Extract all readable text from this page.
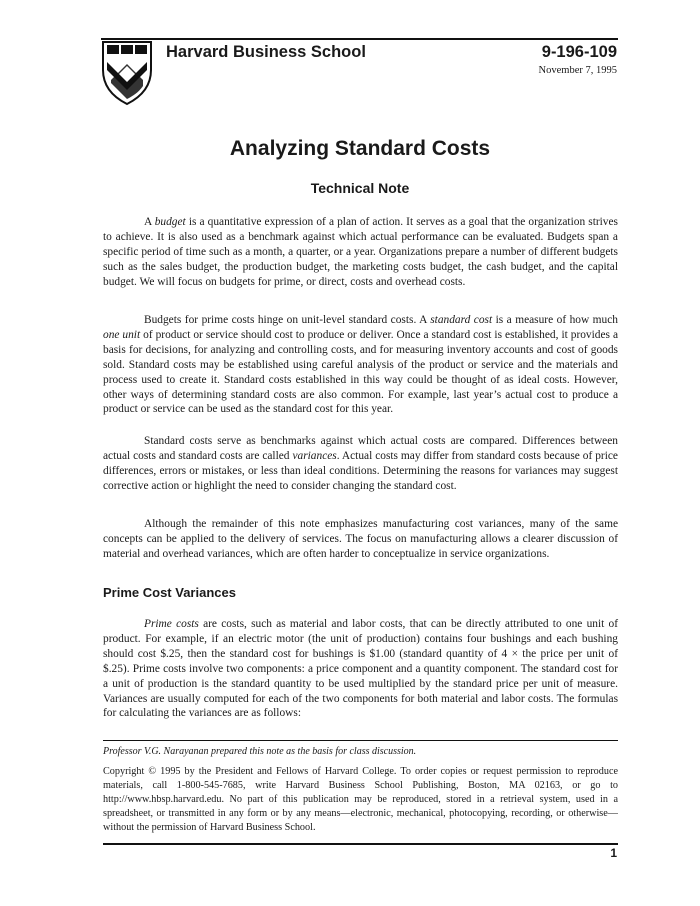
Harvard Business School	9-196-109
November 7, 1995
Analyzing Standard Costs
Technical Note

A budget is a quantitative expression of a plan of action. It serves as a goal that the organization strives to achieve. It is also used as a benchmark against which actual performance can be evaluated. Budgets span a specific period of time such as a month, a quarter, or a year. Organizations prepare a number of different budgets such as the sales budget, the production budget, the marketing costs budget, the cash budget, and the capital budget. We will focus on budgets for prime, or direct, costs and overhead costs.

Budgets for prime costs hinge on unit-level standard costs. A standard cost is a measure of how much one unit of product or service should cost to produce or deliver. Once a standard cost is established, it provides a basis for decisions, for analyzing and controlling costs, and for measuring inventory accounts and cost of goods sold. Standard costs may be established using careful analysis of the product or service and the materials and process used to create it. Standard costs established in this way could be thought of as ideal costs. However, other ways of determining standard costs are also common. For example, last year’s actual cost to produce a product or service can be used as the standard cost for this year.

Standard costs serve as benchmarks against which actual costs are compared. Differences between actual costs and standard costs are called variances. Actual costs may differ from standard costs because of price differences, errors or mistakes, or less than ideal conditions. Determining the reasons for variances may suggest corrective action or highlight the need to consider changing the standard cost.

Although the remainder of this note emphasizes manufacturing cost variances, many of the same concepts can be applied to the delivery of services. The focus on manufacturing allows a clearer discussion of material and overhead variances, which are often harder to conceptualize in service organizations.

Prime Cost Variances

Prime costs are costs, such as material and labor costs, that can be directly attributed to one unit of product. For example, if an electric motor (the unit of production) contains four bushings and each bushing should cost $.25, then the standard cost for bushings is $1.00 (standard quantity of 4 × the price per unit of $.25). Prime costs involve two components: a price component and a quantity component. The standard cost for a unit of production is the standard quantity to be used multiplied by the standard price per unit of measure. Variances are usually computed for each of the two components for both material and labor costs. The formulas for calculating the variances are as follows:

Professor V.G. Narayanan prepared this note as the basis for class discussion.
Copyright © 1995 by the President and Fellows of Harvard College. To order copies or request permission to reproduce materials, call 1-800-545-7685, write Harvard Business School Publishing, Boston, MA 02163, or go to http://www.hbsp.harvard.edu. No part of this publication may be reproduced, stored in a retrieval system, used in a spreadsheet, or transmitted in any form or by any means—electronic, mechanical, photocopying, recording, or otherwise—without the permission of Harvard Business School.
1
